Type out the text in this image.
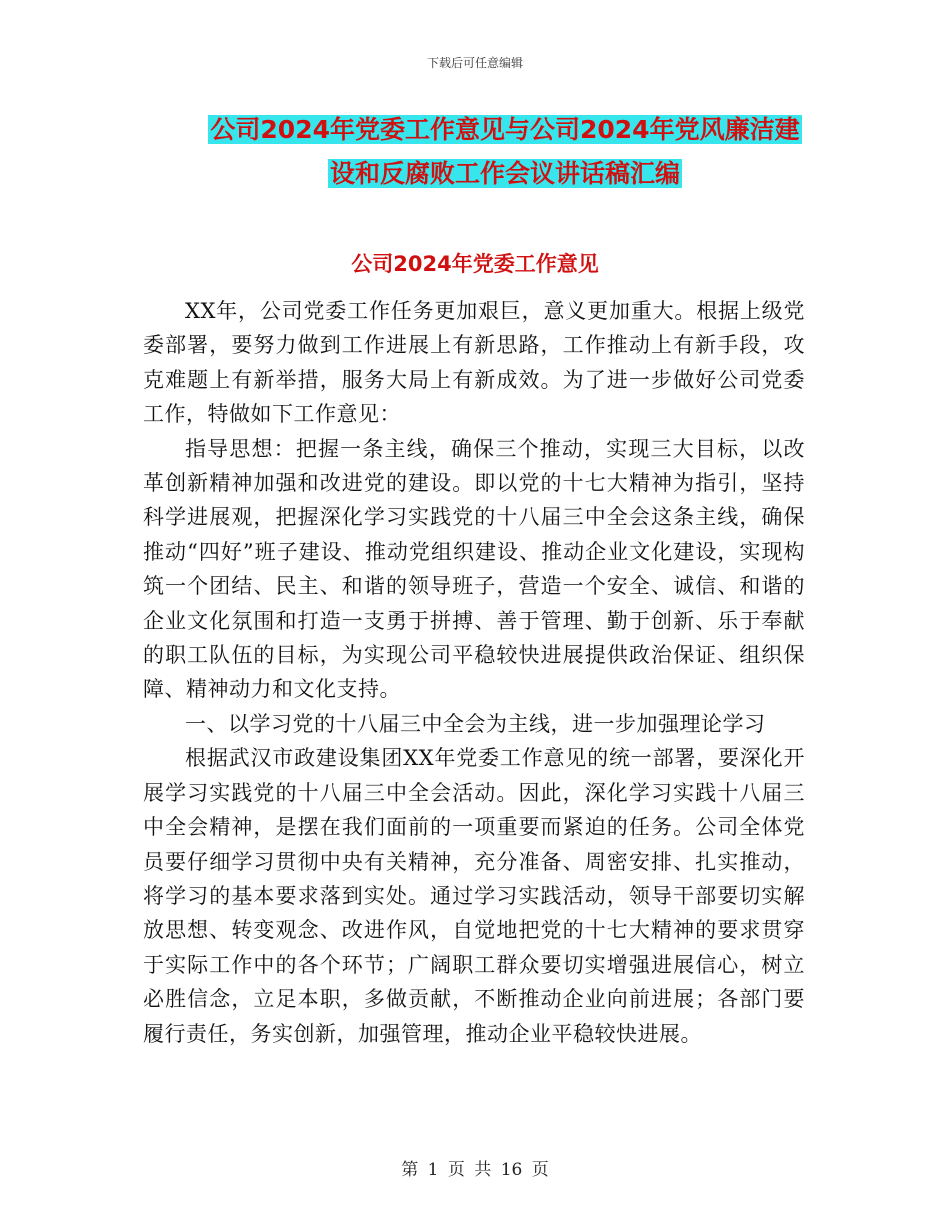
下载后可任意编辑
公司2024年党委工作意见与公司2024年党风廉洁建
设和反腐败工作会议讲话稿汇编
公司2024年党委工作意见

XX年，公司党委工作任务更加艰巨，意义更加重大。根据上级党委部署，要努力做到工作进展上有新思路，工作推动上有新手段，攻克难题上有新举措，服务大局上有新成效。为了进一步做好公司党委工作，特做如下工作意见：

指导思想：把握一条主线，确保三个推动，实现三大目标，以改革创新精神加强和改进党的建设。即以党的十七大精神为指引，坚持科学进展观，把握深化学习实践党的十八届三中全会这条主线，确保推动“四好”班子建设、推动党组织建设、推动企业文化建设，实现构筑一个团结、民主、和谐的领导班子，营造一个安全、诚信、和谐的企业文化氛围和打造一支勇于拼搏、善于管理、勤于创新、乐于奉献的职工队伍的目标，为实现公司平稳较快进展提供政治保证、组织保障、精神动力和文化支持。

一、以学习党的十八届三中全会为主线，进一步加强理论学习

根据武汉市政建设集团XX年党委工作意见的统一部署，要深化开展学习实践党的十八届三中全会活动。因此，深化学习实践十八届三中全会精神，是摆在我们面前的一项重要而紧迫的任务。公司全体党员要仔细学习贯彻中央有关精神，充分准备、周密安排、扎实推动，将学习的基本要求落到实处。通过学习实践活动，领导干部要切实解放思想、转变观念、改进作风，自觉地把党的十七大精神的要求贯穿于实际工作中的各个环节；广阔职工群众要切实增强进展信心，树立必胜信念，立足本职，多做贡献，不断推动企业向前进展；各部门要履行责任，务实创新，加强管理，推动企业平稳较快进展。

第 1 页 共 16 页
